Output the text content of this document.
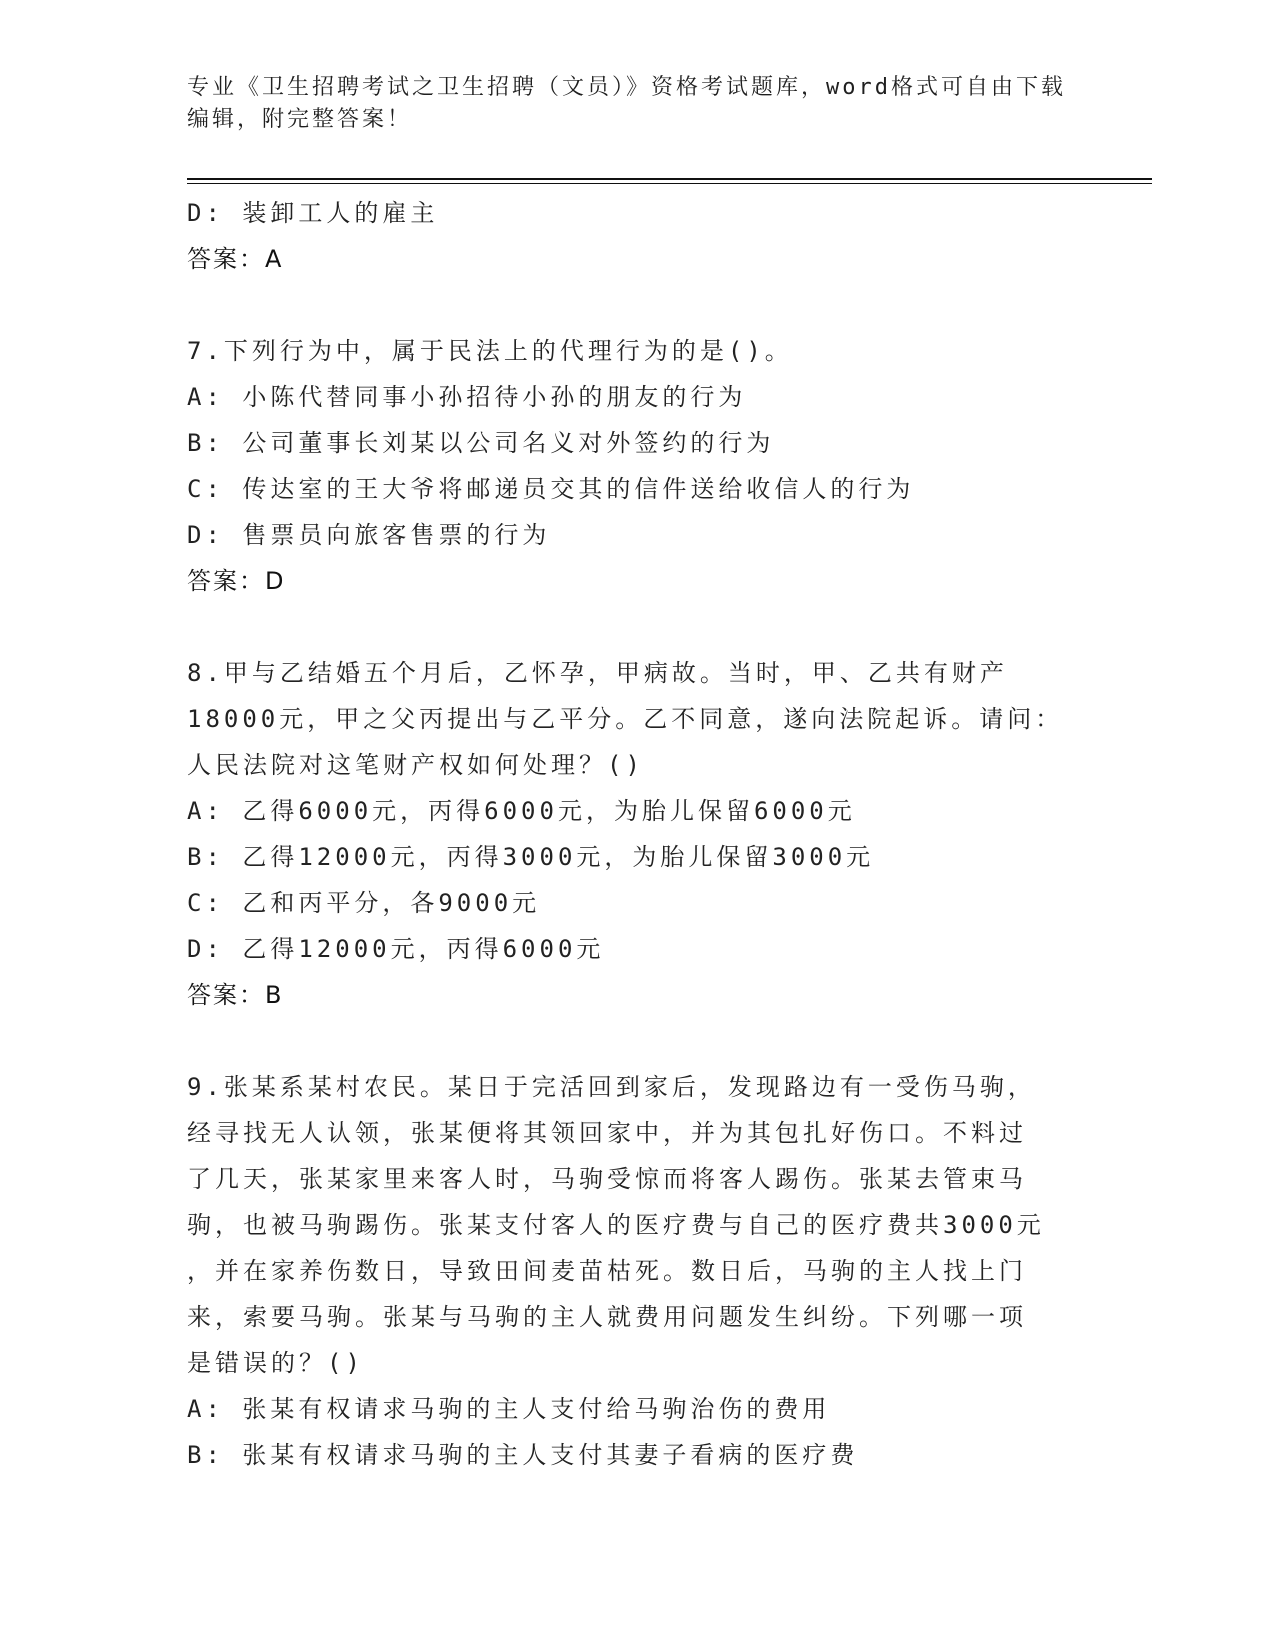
专业《卫生招聘考试之卫生招聘（文员）》资格考试题库，word格式可自由下载
编辑，附完整答案！
D: 装卸工人的雇主
答案：A
7.下列行为中，属于民法上的代理行为的是()。
A: 小陈代替同事小孙招待小孙的朋友的行为
B: 公司董事长刘某以公司名义对外签约的行为
C: 传达室的王大爷将邮递员交其的信件送给收信人的行为
D: 售票员向旅客售票的行为
答案：D
8.甲与乙结婚五个月后，乙怀孕，甲病故。当时，甲、乙共有财产
18000元，甲之父丙提出与乙平分。乙不同意，遂向法院起诉。请问：
人民法院对这笔财产权如何处理？()
A: 乙得6000元，丙得6000元，为胎儿保留6000元
B: 乙得12000元，丙得3000元，为胎儿保留3000元
C: 乙和丙平分，各9000元
D: 乙得12000元，丙得6000元
答案：B
9.张某系某村农民。某日于完活回到家后，发现路边有一受伤马驹，
经寻找无人认领，张某便将其领回家中，并为其包扎好伤口。不料过
了几天，张某家里来客人时，马驹受惊而将客人踢伤。张某去管束马
驹，也被马驹踢伤。张某支付客人的医疗费与自己的医疗费共3000元
，并在家养伤数日，导致田间麦苗枯死。数日后，马驹的主人找上门
来，索要马驹。张某与马驹的主人就费用问题发生纠纷。下列哪一项
是错误的？()
A: 张某有权请求马驹的主人支付给马驹治伤的费用
B: 张某有权请求马驹的主人支付其妻子看病的医疗费
